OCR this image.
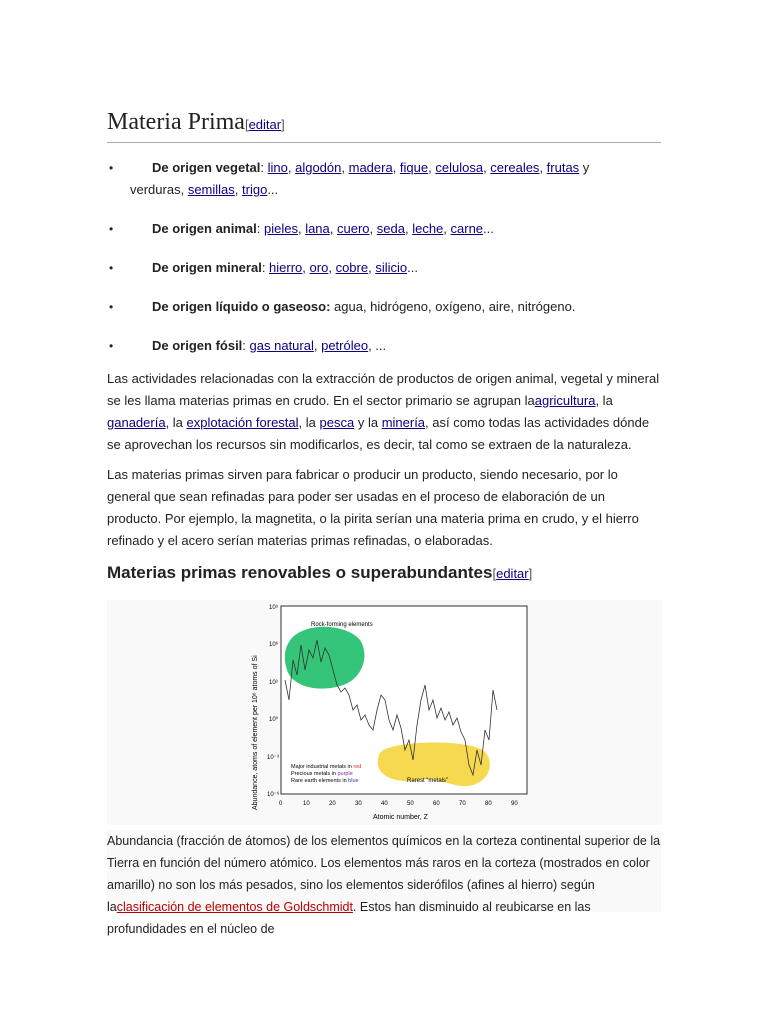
Materia Prima[editar]
•	De origen vegetal: lino, algodón, madera, fique, celulosa, cereales, frutas y
verduras, semillas, trigo...
•	De origen animal: pieles, lana, cuero, seda, leche, carne...
•	De origen mineral: hierro, oro, cobre, silicio...
•	De origen líquido o gaseoso: agua, hidrógeno, oxígeno, aire, nitrógeno.
•	De origen fósil: gas natural, petróleo, ...

Las actividades relacionadas con la extracción de productos de origen animal, vegetal y mineral se les llama materias primas en crudo. En el sector primario se agrupan laagricultura, la ganadería, la explotación forestal, la pesca y la minería, así como todas las actividades dónde se aprovechan los recursos sin modificarlos, es decir, tal como se extraen de la naturaleza.

Las materias primas sirven para fabricar o producir un producto, siendo necesario, por lo general que sean refinadas para poder ser usadas en el proceso de elaboración de un producto. Por ejemplo, la magnetita, o la pirita serían una materia prima en crudo, y el hierro refinado y el acero serían materias primas refinadas, o elaboradas.

Materias primas renovables o superabundantes[editar]
10⁹
10⁶
10³
10⁰
10⁻³
10⁻⁶
0	10	20	30	40	50	60	70	80	90
Atomic number, Z
Abundance, atoms of element per 10⁶ atoms of Si
Rock-forming elements
Rarest “metals”
Major industrial metals in red
Precious metals in purple
Rare earth elements in blue
Abundancia (fracción de átomos) de los elementos químicos en la corteza continental superior de la Tierra en función del número atómico. Los elementos más raros en la corteza (mostrados en color amarillo) no son los más pesados, sino los elementos siderófilos (afines al hierro) según laclasificación de elementos de Goldschmidt. Estos han disminuido al reubicarse en las profundidades en el núcleo de
